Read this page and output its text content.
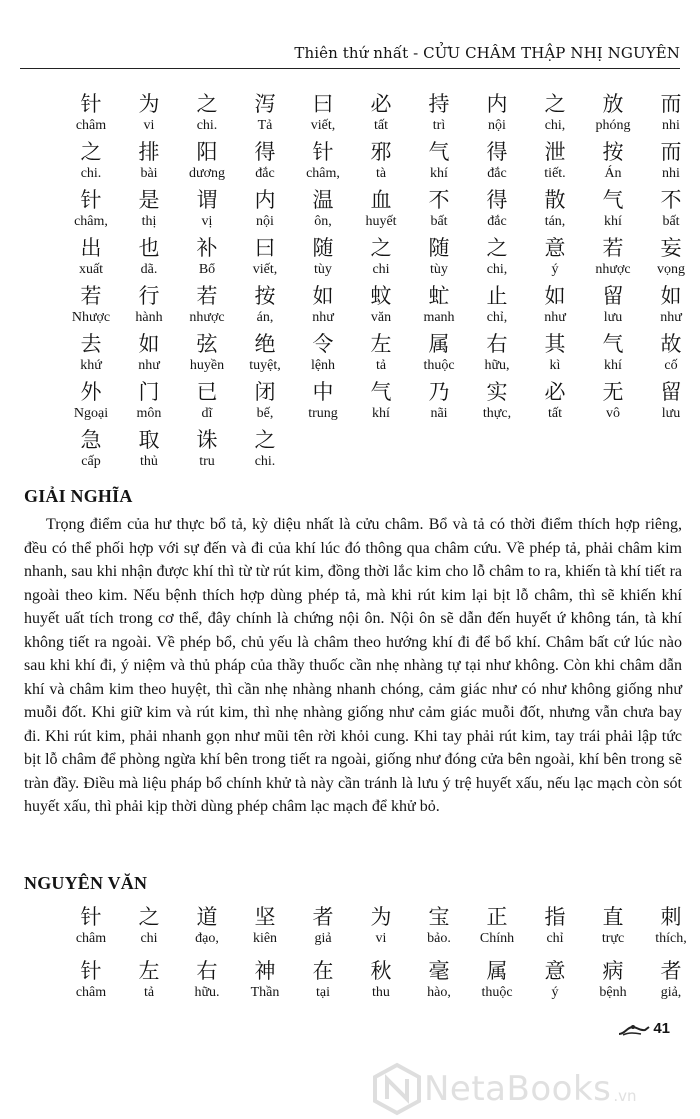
Thiên thứ nhất - CỬU CHÂM THẬP NHỊ NGUYÊN
针
châm
为
vi
之
chi.
泻
Tả
曰
viết,
必
tất
持
trì
内
nội
之
chi,
放
phóng
而
nhi
之
chi.
排
bài
阳
dương
得
đắc
针
châm,
邪
tà
气
khí
得
đắc
泄
tiết.
按
Án
而
nhi
针
châm,
是
thị
谓
vị
内
nội
温
ôn,
血
huyết
不
bất
得
đắc
散
tán,
气
khí
不
bất
出
xuất
也
dã.
补
Bổ
曰
viết,
随
tùy
之
chi
随
tùy
之
chi,
意
ý
若
nhược
妄
vọng
若
Nhược
行
hành
若
nhược
按
án,
如
như
蚊
văn
虻
manh
止
chỉ,
如
như
留
lưu
如
như
去
khứ
如
như
弦
huyền
绝
tuyệt,
令
lệnh
左
tả
属
thuộc
右
hữu,
其
kì
气
khí
故
cố
外
Ngoại
门
môn
已
dĩ
闭
bế,
中
trung
气
khí
乃
nãi
实
thực,
必
tất
无
vô
留
lưu
急
cấp
取
thủ
诛
tru
之
chi.
GIẢI NGHĨA

Trọng điểm của hư thực bổ tả, kỳ diệu nhất là cửu châm. Bổ và tả có thời điểm thích hợp riêng, đều có thể phối hợp với sự đến và đi của khí lúc đó thông qua châm cứu. Về phép tả, phải châm kim nhanh, sau khi nhận được khí thì từ từ rút kim, đồng thời lắc kim cho lỗ châm to ra, khiến tà khí tiết ra ngoài theo kim. Nếu bệnh thích hợp dùng phép tả, mà khi rút kim lại bịt lỗ châm, thì sẽ khiến khí huyết uất tích trong cơ thể, đây chính là chứng nội ôn. Nội ôn sẽ dẫn đến huyết ứ không tán, tà khí không tiết ra ngoài. Về phép bổ, chủ yếu là châm theo hướng khí đi để bổ khí. Châm bất cứ lúc nào sau khi khí đi, ý niệm và thủ pháp của thầy thuốc cần nhẹ nhàng tự tại như không. Còn khi châm dẫn khí và châm kim theo huyệt, thì cần nhẹ nhàng nhanh chóng, cảm giác như có như không giống như muỗi đốt. Khi giữ kim và rút kim, thì nhẹ nhàng giống như cảm giác muỗi đốt, nhưng vẫn chưa bay đi. Khi rút kim, phải nhanh gọn như mũi tên rời khỏi cung. Khi tay phải rút kim, tay trái phải lập tức bịt lỗ châm để phòng ngừa khí bên trong tiết ra ngoài, giống như đóng cửa bên ngoài, khí bên trong sẽ tràn đầy. Điều mà liệu pháp bổ chính khử tà này cần tránh là lưu ý trệ huyết xấu, nếu lạc mạch còn sót huyết xấu, thì phải kịp thời dùng phép châm lạc mạch để khử bỏ.

NGUYÊN VĂN
针
châm
之
chi
道
đạo,
坚
kiên
者
giả
为
vi
宝
bảo.
正
Chính
指
chỉ
直
trực
刺
thích,
针
châm
左
tả
右
hữu.
神
Thần
在
tại
秋
thu
毫
hào,
属
thuộc
意
ý
病
bệnh
者
giả,
41
NetaBooks .vn
